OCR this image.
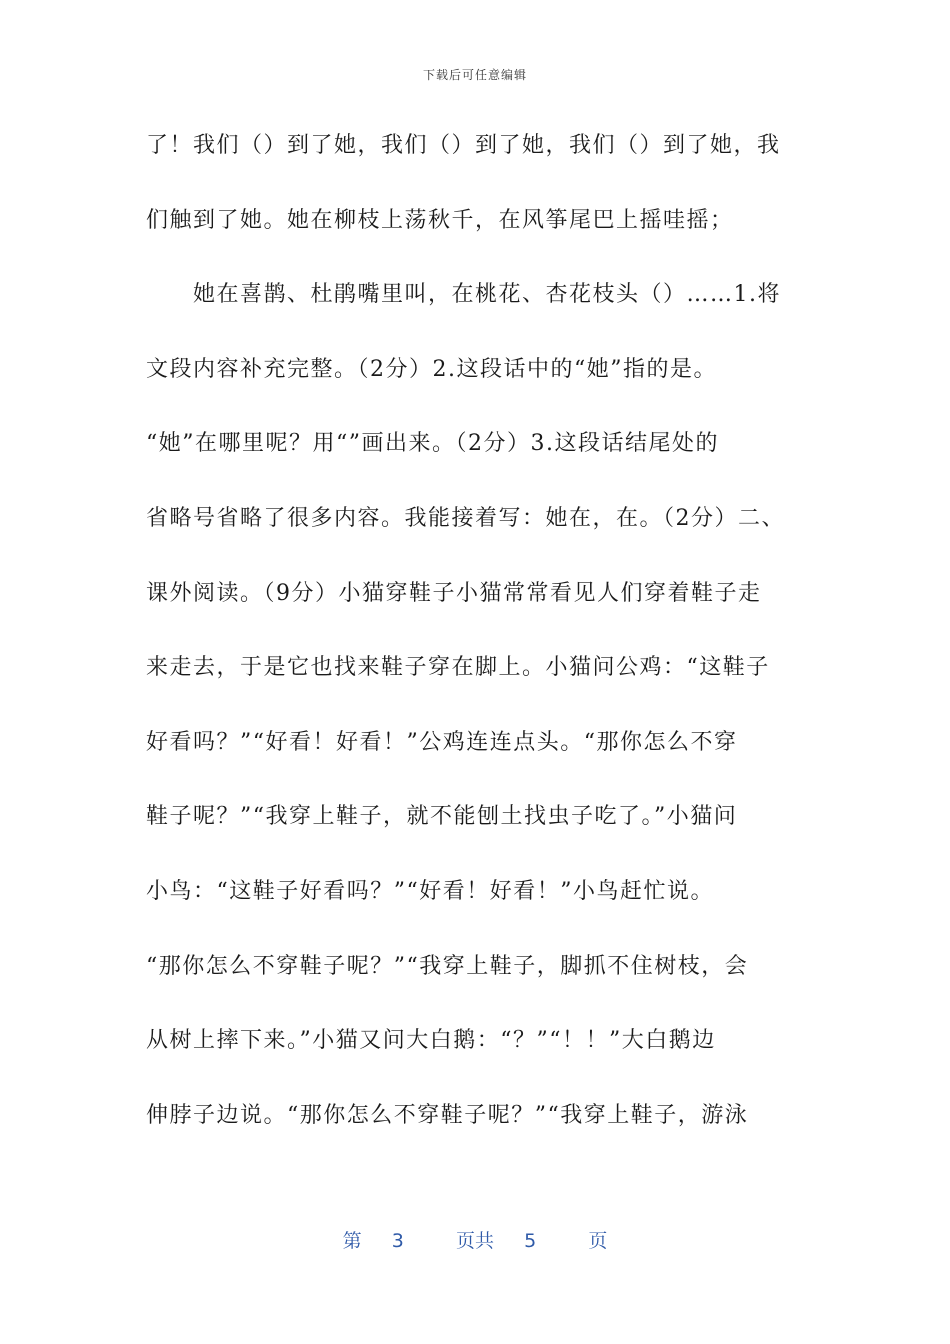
下载后可任意编辑
了！我们（）到了她，我们（）到了她，我们（）到了她，我
们触到了她。她在柳枝上荡秋千，在风筝尾巴上摇哇摇；
她在喜鹊、杜鹃嘴里叫，在桃花、杏花枝头（）……1.将
文段内容补充完整。（2分）2.这段话中的“她”指的是。
“她”在哪里呢？用“”画出来。（2分）3.这段话结尾处的
省略号省略了很多内容。我能接着写：她在，在。（2分）二、
课外阅读。（9分）小猫穿鞋子小猫常常看见人们穿着鞋子走
来走去，于是它也找来鞋子穿在脚上。小猫问公鸡：“这鞋子
好看吗？”“好看！好看！”公鸡连连点头。“那你怎么不穿
鞋子呢？”“我穿上鞋子，就不能刨土找虫子吃了。”小猫问
小鸟：“这鞋子好看吗？”“好看！好看！”小鸟赶忙说。
“那你怎么不穿鞋子呢？”“我穿上鞋子，脚抓不住树枝，会
从树上摔下来。”小猫又问大白鹅：“？”“！！”大白鹅边
伸脖子边说。“那你怎么不穿鞋子呢？”“我穿上鞋子，游泳
第 3	页共 5	页
